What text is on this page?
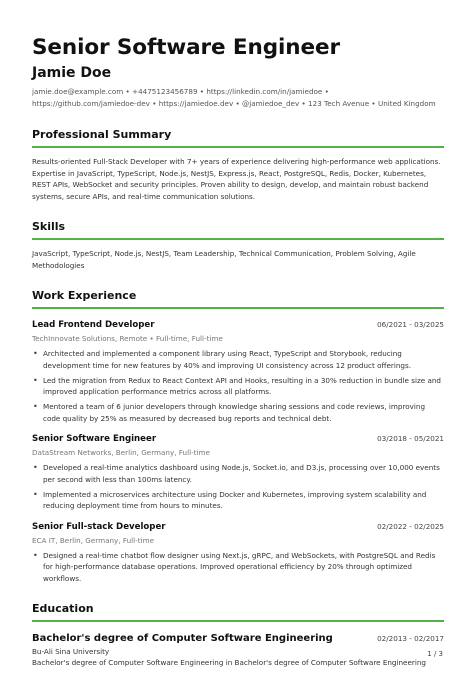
Senior Software Engineer
Jamie Doe
jamie.doe@example.com • +4475123456789 • https://linkedin.com/in/jamiedoe •
https://github.com/jamiedoe-dev • https://jamiedoe.dev • @jamiedoe_dev • 123 Tech Avenue • United Kingdom
Professional Summary
Results-oriented Full-Stack Developer with 7+ years of experience delivering high-performance web applications. Expertise in JavaScript, TypeScript, Node.js, NestJS, Express.js, React, PostgreSQL, Redis, Docker, Kubernetes, REST APIs, WebSocket and security principles. Proven ability to design, develop, and maintain robust backend systems, secure APIs, and real-time communication solutions.
Skills
JavaScript, TypeScript, Node.js, NestJS, Team Leadership, Technical Communication, Problem Solving, Agile Methodologies
Work Experience
Lead Frontend Developer	06/2021 - 03/2025
TechInnovate Solutions, Remote • Full-time, Full-time
• Architected and implemented a component library using React, TypeScript and Storybook, reducing development time for new features by 40% and improving UI consistency across 12 product offerings.
• Led the migration from Redux to React Context API and Hooks, resulting in a 30% reduction in bundle size and improved application performance metrics across all platforms.
• Mentored a team of 6 junior developers through knowledge sharing sessions and code reviews, improving code quality by 25% as measured by decreased bug reports and technical debt.
Senior Software Engineer	03/2018 - 05/2021
DataStream Networks, Berlin, Germany, Full-time
• Developed a real-time analytics dashboard using Node.js, Socket.io, and D3.js, processing over 10,000 events per second with less than 100ms latency.
• Implemented a microservices architecture using Docker and Kubernetes, improving system scalability and reducing deployment time from hours to minutes.
Senior Full-stack Developer	02/2022 - 02/2025
ECA IT, Berlin, Germany, Full-time
• Designed a real-time chatbot flow designer using Next.js, gRPC, and WebSockets, with PostgreSQL and Redis for high-performance database operations. Improved operational efficiency by 20% through optimized workflows.
Education
Bachelor's degree of Computer Software Engineering	02/2013 - 02/2017
Bu-Ali Sina University
Bachelor's degree of Computer Software Engineering in Bachelor's degree of Computer Software Engineering
1 / 3
